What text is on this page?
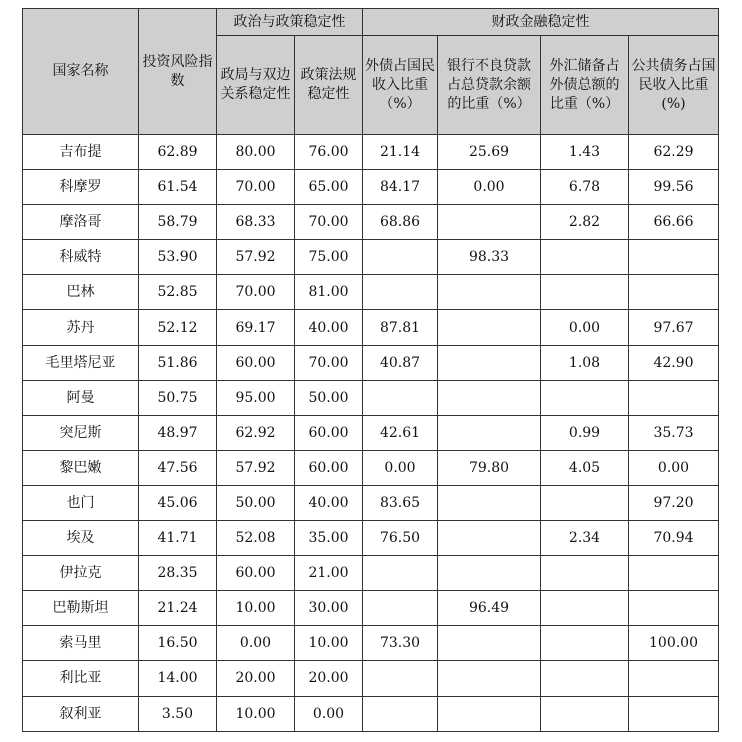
国家名称	投资风险指数	政治与政策稳定性		财政金融稳定性			
		政局与双边关系稳定性	政策法规稳定性	外债占国民收入比重（%）	银行不良贷款占总贷款余额的比重（%）	外汇储备占外债总额的比重（%）	公共债务占国民收入比重(%)
吉布提	62.89	80.00	76.00	21.14	25.69	1.43	62.29
科摩罗	61.54	70.00	65.00	84.17	0.00	6.78	99.56
摩洛哥	58.79	68.33	70.00	68.86		2.82	66.66
科威特	53.90	57.92	75.00		98.33		
巴林	52.85	70.00	81.00				
苏丹	52.12	69.17	40.00	87.81		0.00	97.67
毛里塔尼亚	51.86	60.00	70.00	40.87		1.08	42.90
阿曼	50.75	95.00	50.00				
突尼斯	48.97	62.92	60.00	42.61		0.99	35.73
黎巴嫩	47.56	57.92	60.00	0.00	79.80	4.05	0.00
也门	45.06	50.00	40.00	83.65			97.20
埃及	41.71	52.08	35.00	76.50		2.34	70.94
伊拉克	28.35	60.00	21.00				
巴勒斯坦	21.24	10.00	30.00		96.49		
索马里	16.50	0.00	10.00	73.30			100.00
利比亚	14.00	20.00	20.00				
叙利亚	3.50	10.00	0.00				
